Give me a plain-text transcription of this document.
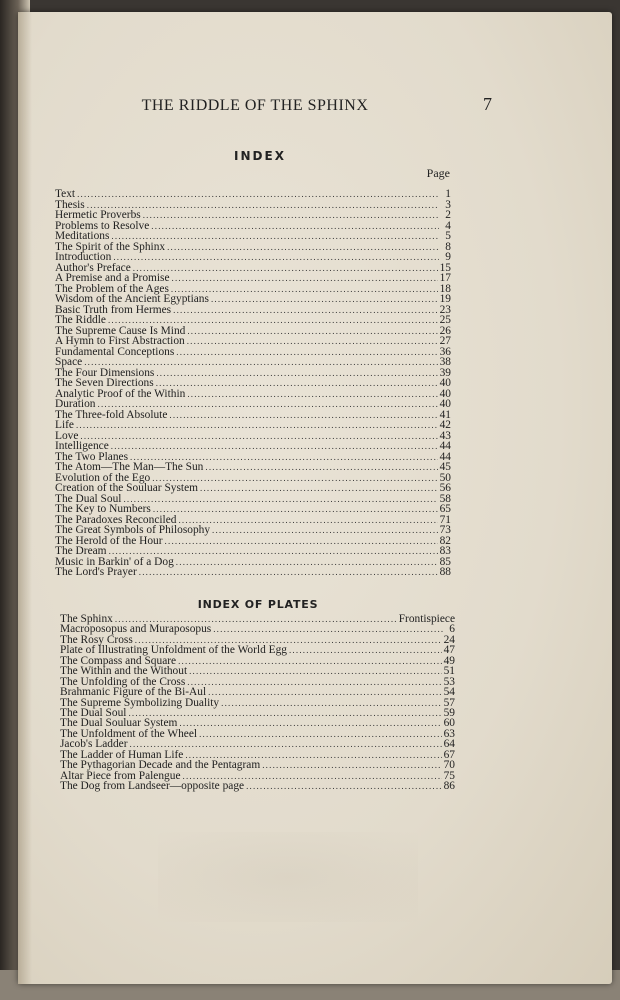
THE RIDDLE OF THE SPHINX	7
INDEX
Page
Text .....	1
Thesis .....	3
Hermetic Proverbs .....	2
Problems to Resolve .....	4
Meditations .....	5
The Spirit of the Sphinx .....	8
Introduction .....	9
Author's Preface .....	15
A Premise and a Promise .....	17
The Problem of the Ages .....	18
Wisdom of the Ancient Egyptians .....	19
Basic Truth from Hermes .....	23
The Riddle .....	25
The Supreme Cause Is Mind .....	26
A Hymn to First Abstraction .....	27
Fundamental Conceptions .....	36
Space .....	38
The Four Dimensions .....	39
The Seven Directions .....	40
Analytic Proof of the Within .....	40
Duration .....	40
The Three-fold Absolute .....	41
Life .....	42
Love .....	43
Intelligence .....	44
The Two Planes .....	44
The Atom—The Man—The Sun .....	45
Evolution of the Ego .....	50
Creation of the Souluar System .....	56
The Dual Soul .....	58
The Key to Numbers .....	65
The Paradoxes Reconciled .....	71
The Great Symbols of Philosophy .....	73
The Herold of the Hour .....	82
The Dream .....	83
Music in Barkin' of a Dog .....	85
The Lord's Prayer .....	88
INDEX OF PLATES
The Sphinx .....	Frontispiece
Macroposopus and Muraposopus .....	6
The Rosy Cross .....	24
Plate of Illustrating Unfoldment of the World Egg .....	47
The Compass and Square .....	49
The Within and the Without .....	51
The Unfolding of the Cross .....	53
Brahmanic Figure of the Bi-Aul .....	54
The Supreme Symbolizing Duality .....	57
The Dual Soul .....	59
The Dual Souluar System .....	60
The Unfoldment of the Wheel .....	63
Jacob's Ladder .....	64
The Ladder of Human Life .....	67
The Pythagorian Decade and the Pentagram .....	70
Altar Piece from Palengue .....	75
The Dog from Landseer—opposite page .....	86
